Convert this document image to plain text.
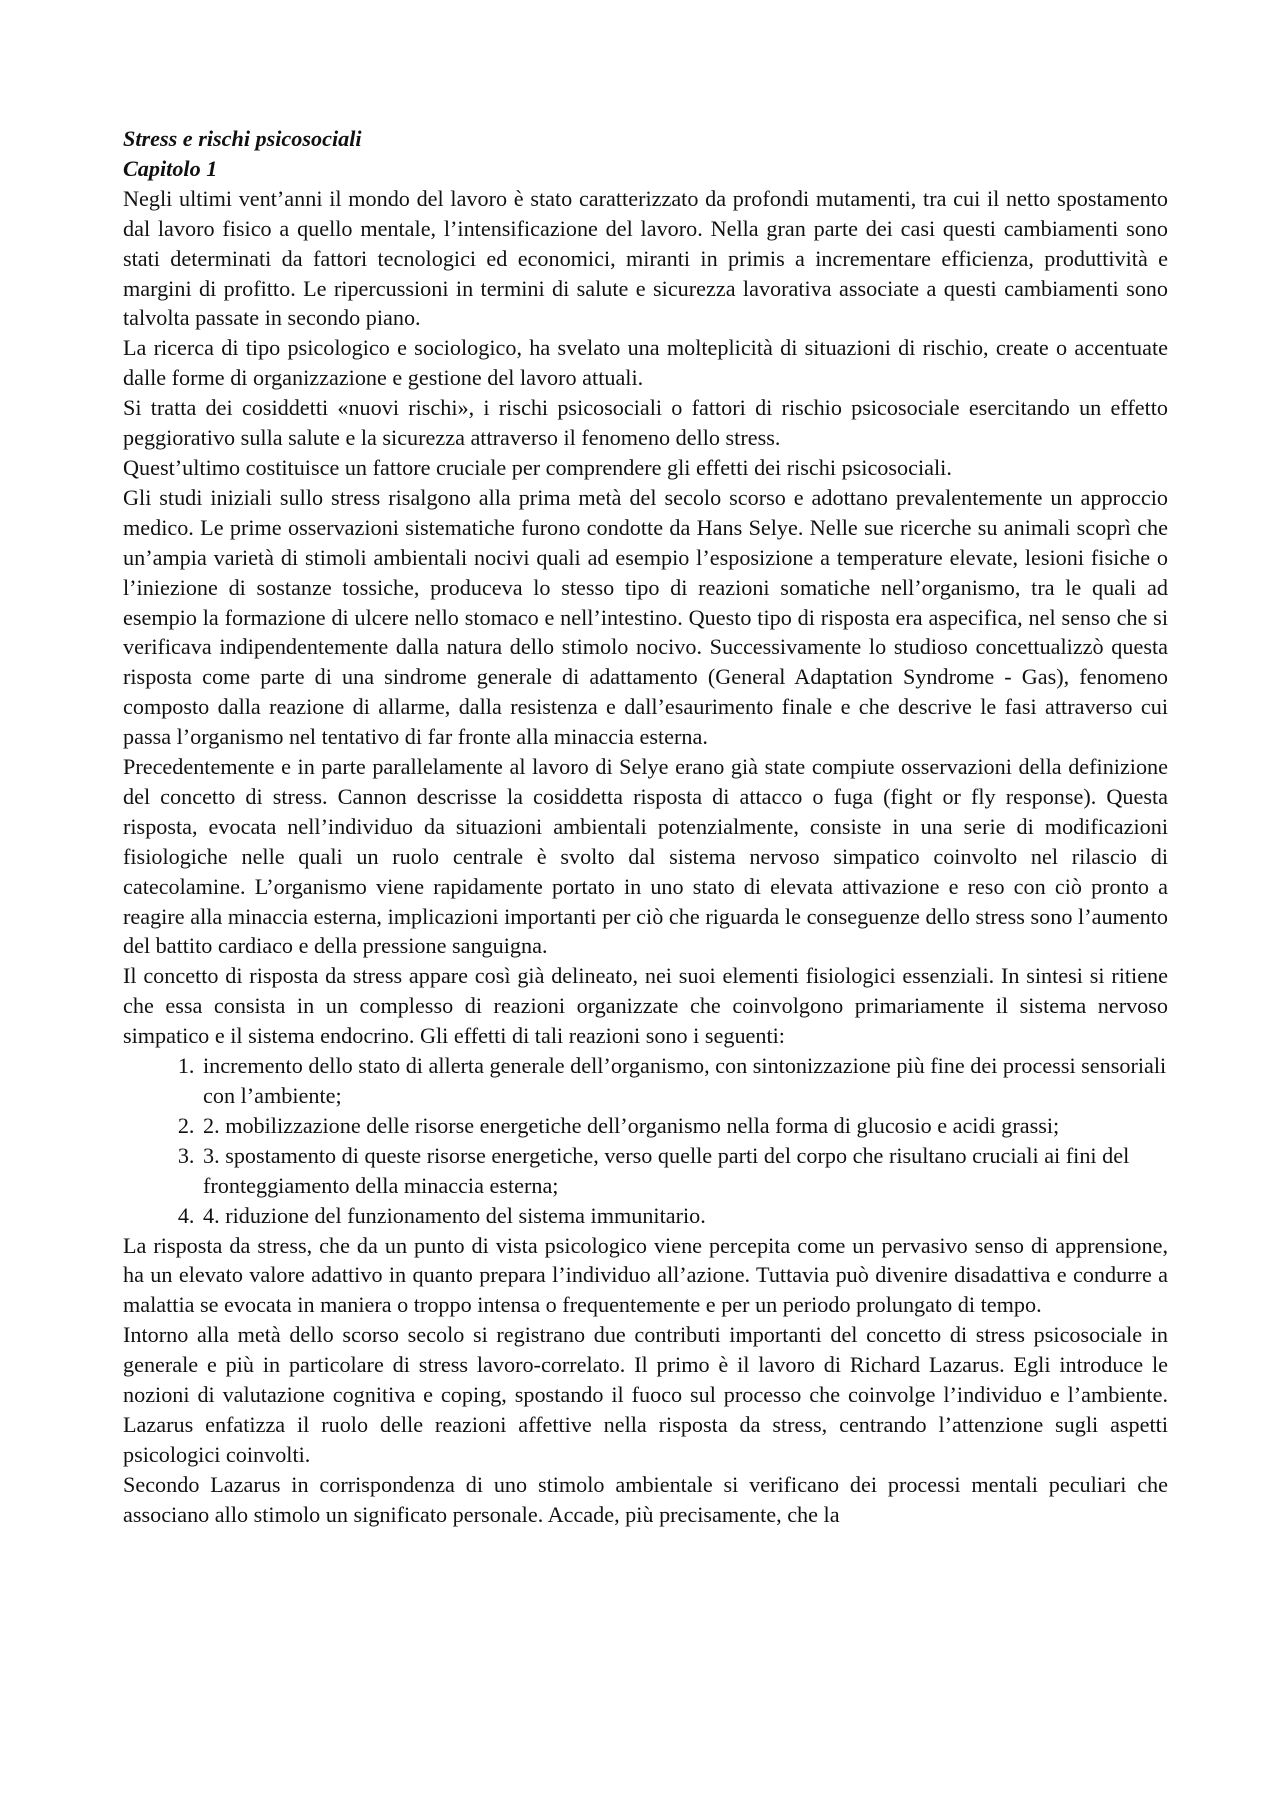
Stress e rischi psicosociali

Capitolo 1

Negli ultimi vent’anni il mondo del lavoro è stato caratterizzato da profondi mutamenti, tra cui il netto spostamento dal lavoro fisico a quello mentale, l’intensificazione del lavoro. Nella gran parte dei casi questi cambiamenti sono stati determinati da fattori tecnologici ed economici, miranti in primis a incrementare efficienza, produttività e margini di profitto. Le ripercussioni in termini di salute e sicurezza lavorativa associate a questi cambiamenti sono talvolta passate in secondo piano.

La ricerca di tipo psicologico e sociologico, ha svelato una molteplicità di situazioni di rischio, create o accentuate dalle forme di organizzazione e gestione del lavoro attuali.

Si tratta dei cosiddetti «nuovi rischi», i rischi psicosociali o fattori di rischio psicosociale esercitando un effetto peggiorativo sulla salute e la sicurezza attraverso il fenomeno dello stress.

Quest’ultimo costituisce un fattore cruciale per comprendere gli effetti dei rischi psicosociali.

Gli studi iniziali sullo stress risalgono alla prima metà del secolo scorso e adottano prevalentemente un approccio medico. Le prime osservazioni sistematiche furono condotte da Hans Selye. Nelle sue ricerche su animali scoprì che un’ampia varietà di stimoli ambientali nocivi quali ad esempio l’esposizione a temperature elevate, lesioni fisiche o l’iniezione di sostanze tossiche, produceva lo stesso tipo di reazioni somatiche nell’organismo, tra le quali ad esempio la formazione di ulcere nello stomaco e nell’intestino. Questo tipo di risposta era aspecifica, nel senso che si verificava indipendentemente dalla natura dello stimolo nocivo. Successivamente lo studioso concettualizzò questa risposta come parte di una sindrome generale di adattamento (General Adaptation Syndrome - Gas), fenomeno composto dalla reazione di allarme, dalla resistenza e dall’esaurimento finale e che descrive le fasi attraverso cui passa l’organismo nel tentativo di far fronte alla minaccia esterna.

Precedentemente e in parte parallelamente al lavoro di Selye erano già state compiute osservazioni della definizione del concetto di stress. Cannon descrisse la cosiddetta risposta di attacco o fuga (fight or fly response). Questa risposta, evocata nell’individuo da situazioni ambientali potenzialmente, consiste in una serie di modificazioni fisiologiche nelle quali un ruolo centrale è svolto dal sistema nervoso simpatico coinvolto nel rilascio di catecolamine. L’organismo viene rapidamente portato in uno stato di elevata attivazione e reso con ciò pronto a reagire alla minaccia esterna, implicazioni importanti per ciò che riguarda le conseguenze dello stress sono l’aumento del battito cardiaco e della pressione sanguigna.

Il concetto di risposta da stress appare così già delineato, nei suoi elementi fisiologici essenziali. In sintesi si ritiene che essa consista in un complesso di reazioni organizzate che coinvolgono primariamente il sistema nervoso simpatico e il sistema endocrino. Gli effetti di tali reazioni sono i seguenti:

1. incremento dello stato di allerta generale dell’organismo, con sintonizzazione più fine dei processi sensoriali con l’ambiente;
2. 2. mobilizzazione delle risorse energetiche dell’organismo nella forma di glucosio e acidi grassi;
3. 3. spostamento di queste risorse energetiche, verso quelle parti del corpo che risultano cruciali ai fini del fronteggiamento della minaccia esterna;
4. 4. riduzione del funzionamento del sistema immunitario.

La risposta da stress, che da un punto di vista psicologico viene percepita come un pervasivo senso di apprensione, ha un elevato valore adattivo in quanto prepara l’individuo all’azione. Tuttavia può divenire disadattiva e condurre a malattia se evocata in maniera o troppo intensa o frequentemente e per un periodo prolungato di tempo.

Intorno alla metà dello scorso secolo si registrano due contributi importanti del concetto di stress psicosociale in generale e più in particolare di stress lavoro-correlato. Il primo è il lavoro di Richard Lazarus. Egli introduce le nozioni di valutazione cognitiva e coping, spostando il fuoco sul processo che coinvolge l’individuo e l’ambiente. Lazarus enfatizza il ruolo delle reazioni affettive nella risposta da stress, centrando l’attenzione sugli aspetti psicologici coinvolti.

Secondo Lazarus in corrispondenza di uno stimolo ambientale si verificano dei processi mentali peculiari che associano allo stimolo un significato personale. Accade, più precisamente, che la
